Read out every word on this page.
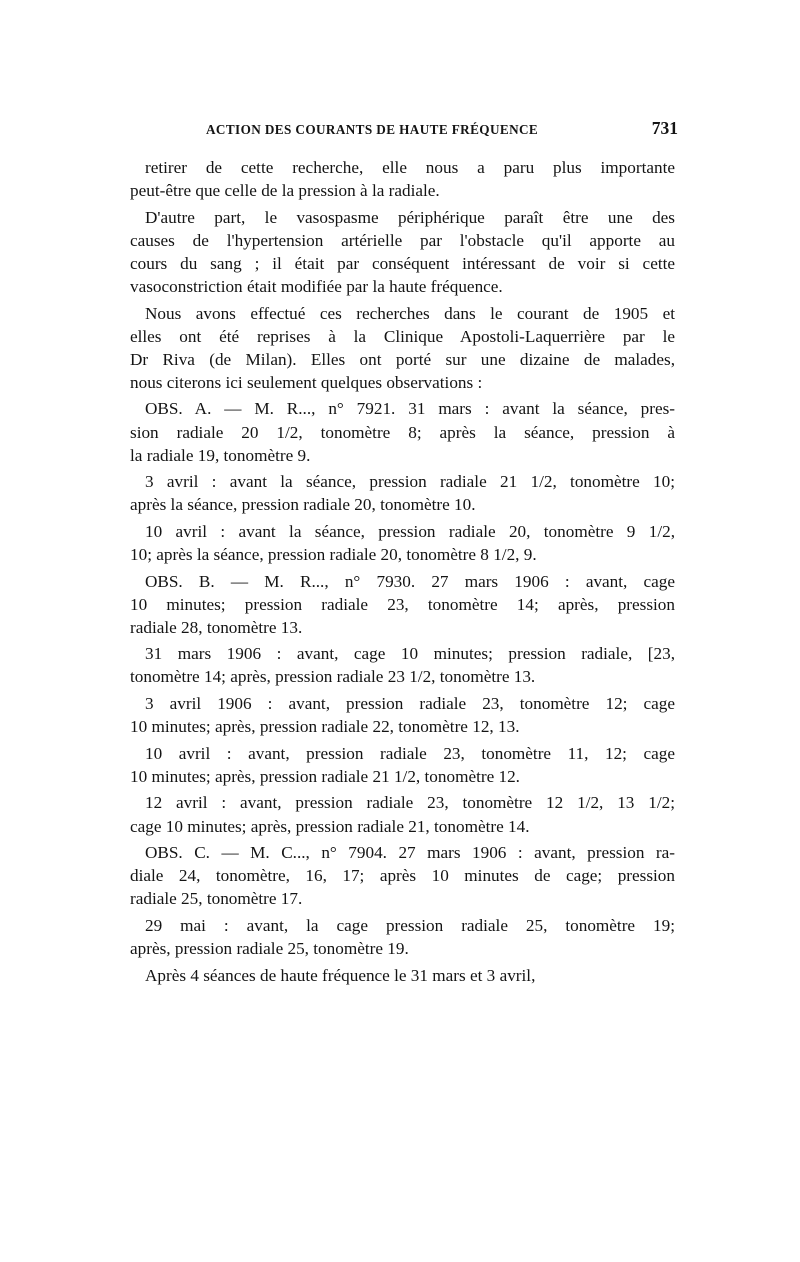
ACTION DES COURANTS DE HAUTE FRÉQUENCE	731

retirer de cette recherche, elle nous a paru plus importante
peut-être que celle de la pression à la radiale.

D'autre part, le vasospasme périphérique paraît être une des
causes de l'hypertension artérielle par l'obstacle qu'il apporte au
cours du sang ; il était par conséquent intéressant de voir si cette
vasoconstriction était modifiée par la haute fréquence.

Nous avons effectué ces recherches dans le courant de 1905 et
elles ont été reprises à la Clinique Apostoli-Laquerrière par le
Dr Riva (de Milan). Elles ont porté sur une dizaine de malades,
nous citerons ici seulement quelques observations :

OBS. A. — M. R..., n° 7921. 31 mars : avant la séance, pres-
sion radiale 20 1/2, tonomètre 8; après la séance, pression à
la radiale 19, tonomètre 9.

3 avril : avant la séance, pression radiale 21 1/2, tonomètre 10;
après la séance, pression radiale 20, tonomètre 10.

10 avril : avant la séance, pression radiale 20, tonomètre 9 1/2,
10; après la séance, pression radiale 20, tonomètre 8 1/2, 9.

OBS. B. — M. R..., n° 7930. 27 mars 1906 : avant, cage
10 minutes; pression radiale 23, tonomètre 14; après, pression
radiale 28, tonomètre 13.

31 mars 1906 : avant, cage 10 minutes; pression radiale, [23,
tonomètre 14; après, pression radiale 23 1/2, tonomètre 13.

3 avril 1906 : avant, pression radiale 23, tonomètre 12; cage
10 minutes; après, pression radiale 22, tonomètre 12, 13.

10 avril : avant, pression radiale 23, tonomètre 11, 12; cage
10 minutes; après, pression radiale 21 1/2, tonomètre 12.

12 avril : avant, pression radiale 23, tonomètre 12 1/2, 13 1/2;
cage 10 minutes; après, pression radiale 21, tonomètre 14.

OBS. C. — M. C..., n° 7904. 27 mars 1906 : avant, pression ra-
diale 24, tonomètre, 16, 17; après 10 minutes de cage; pression
radiale 25, tonomètre 17.

29 mai : avant, la cage pression radiale 25, tonomètre 19;
après, pression radiale 25, tonomètre 19.

Après 4 séances de haute fréquence le 31 mars et 3 avril,
